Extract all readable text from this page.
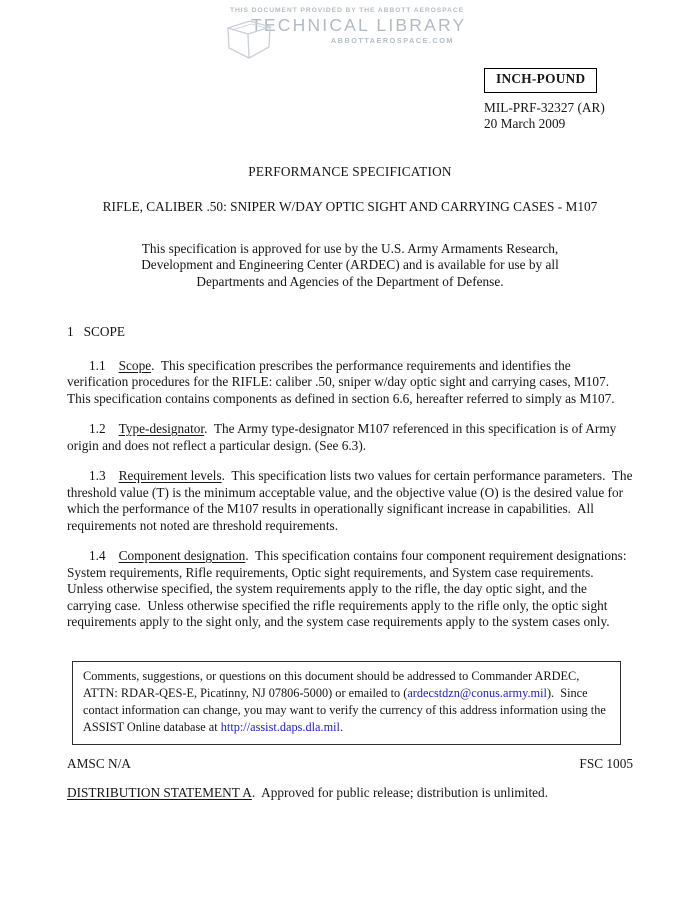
THIS DOCUMENT PROVIDED BY THE ABBOTT AEROSPACE
TECHNICAL LIBRARY
ABBOTTAEROSPACE.COM
INCH-POUND
MIL-PRF-32327 (AR)
20 March 2009
PERFORMANCE SPECIFICATION
RIFLE, CALIBER .50: SNIPER W/DAY OPTIC SIGHT AND CARRYING CASES - M107
This specification is approved for use by the U.S. Army Armaments Research,
Development and Engineering Center (ARDEC) and is available for use by all
Departments and Agencies of the Department of Defense.
1   SCOPE

1.1 Scope.  This specification prescribes the performance requirements and identifies the verification procedures for the RIFLE: caliber .50, sniper w/day optic sight and carrying cases, M107.  This specification contains components as defined in section 6.6, hereafter referred to simply as M107.

1.2 Type-designator.  The Army type-designator M107 referenced in this specification is of Army origin and does not reflect a particular design. (See 6.3).

1.3 Requirement levels.  This specification lists two values for certain performance parameters.  The threshold value (T) is the minimum acceptable value, and the objective value (O) is the desired value for which the performance of the M107 results in operationally significant increase in capabilities.  All requirements not noted are threshold requirements.

1.4 Component designation.  This specification contains four component requirement designations: System requirements, Rifle requirements, Optic sight requirements, and System case requirements.  Unless otherwise specified, the system requirements apply to the rifle, the day optic sight, and the carrying case.  Unless otherwise specified the rifle requirements apply to the rifle only, the optic sight requirements apply to the sight only, and the system case requirements apply to the system cases only.

Comments, suggestions, or questions on this document should be addressed to Commander ARDEC, ATTN: RDAR-QES-E, Picatinny, NJ 07806-5000) or emailed to (ardecstdzn@conus.army.mil).  Since contact information can change, you may want to verify the currency of this address information using the ASSIST Online database at http://assist.daps.dla.mil.
AMSC N/A	FSC 1005

DISTRIBUTION STATEMENT A.  Approved for public release; distribution is unlimited.
